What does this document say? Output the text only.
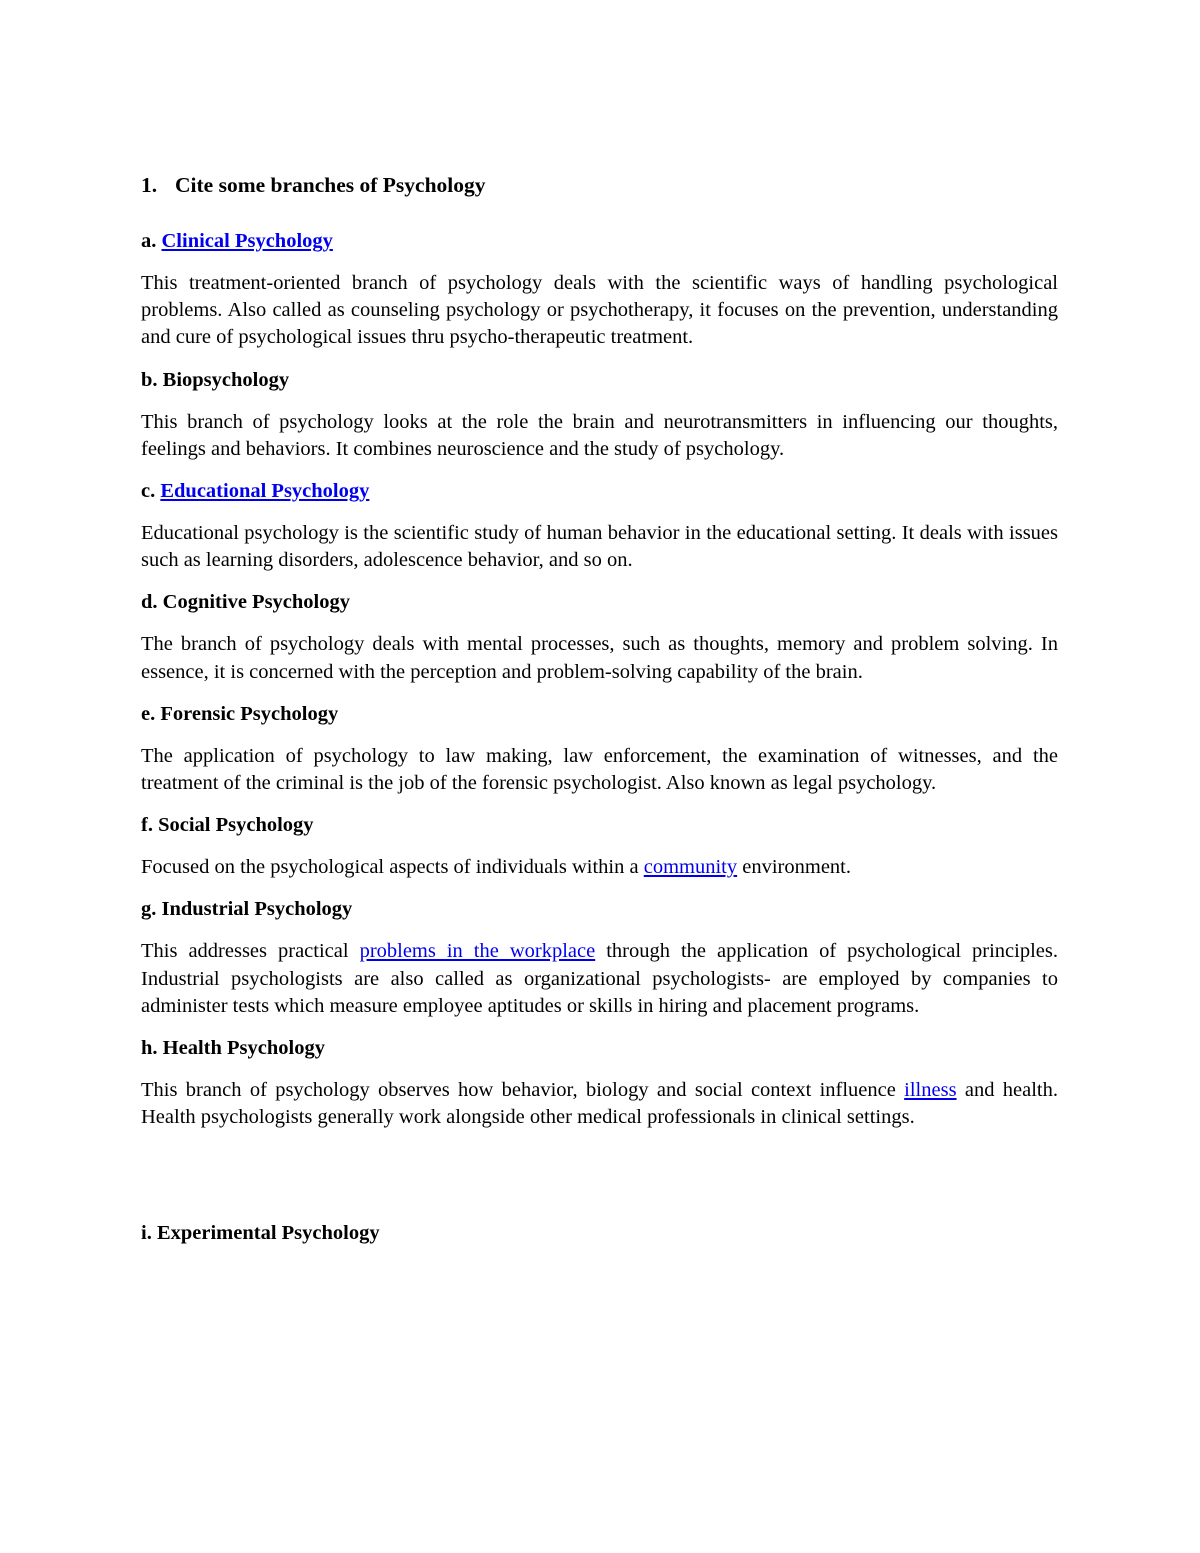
1. Cite some branches of Psychology
a. Clinical Psychology
This treatment-oriented branch of psychology deals with the scientific ways of handling psychological problems. Also called as counseling psychology or psychotherapy, it focuses on the prevention, understanding and cure of psychological issues thru psycho-therapeutic treatment.
b. Biopsychology
This branch of psychology looks at the role the brain and neurotransmitters in influencing our thoughts, feelings and behaviors. It combines neuroscience and the study of psychology.
c. Educational Psychology
Educational psychology is the scientific study of human behavior in the educational setting. It deals with issues such as learning disorders, adolescence behavior, and so on.
d. Cognitive Psychology
The branch of psychology deals with mental processes, such as thoughts, memory and problem solving. In essence, it is concerned with the perception and problem-solving capability of the brain.
e. Forensic Psychology
The application of psychology to law making, law enforcement, the examination of witnesses, and the treatment of the criminal is the job of the forensic psychologist. Also known as legal psychology.
f. Social Psychology
Focused on the psychological aspects of individuals within a community environment.
g. Industrial Psychology
This addresses practical problems in the workplace through the application of psychological principles. Industrial psychologists are also called as organizational psychologists- are employed by companies to administer tests which measure employee aptitudes or skills in hiring and placement programs.
h. Health Psychology
This branch of psychology observes how behavior, biology and social context influence illness and health. Health psychologists generally work alongside other medical professionals in clinical settings.
i. Experimental Psychology
